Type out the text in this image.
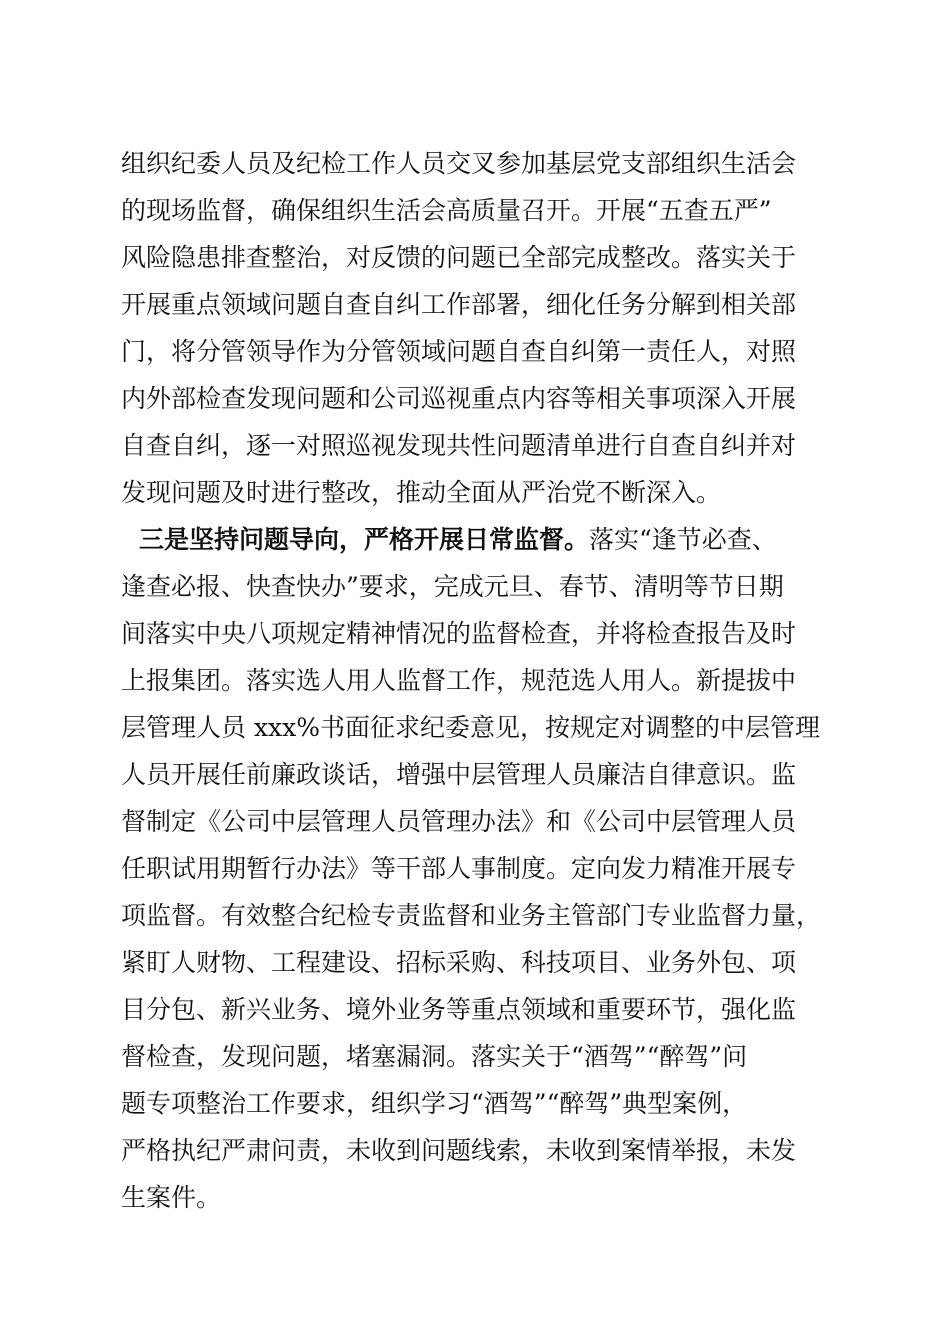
组织纪委人员及纪检工作人员交叉参加基层党支部组织生活会
的现场监督，确保组织生活会高质量召开。开展“五查五严”
风险隐患排查整治，对反馈的问题已全部完成整改。落实关于
开展重点领域问题自查自纠工作部署，细化任务分解到相关部
门，将分管领导作为分管领域问题自查自纠第一责任人，对照
内外部检查发现问题和公司巡视重点内容等相关事项深入开展
自查自纠，逐一对照巡视发现共性问题清单进行自查自纠并对
发现问题及时进行整改，推动全面从严治党不断深入。
三是坚持问题导向，严格开展日常监督。落实“逢节必查、
逢查必报、快查快办”要求，完成元旦、春节、清明等节日期
间落实中央八项规定精神情况的监督检查，并将检查报告及时
上报集团。落实选人用人监督工作，规范选人用人。新提拔中
层管理人员 xxx%书面征求纪委意见，按规定对调整的中层管理
人员开展任前廉政谈话，增强中层管理人员廉洁自律意识。监
督制定《公司中层管理人员管理办法》和《公司中层管理人员
任职试用期暂行办法》等干部人事制度。定向发力精准开展专
项监督。有效整合纪检专责监督和业务主管部门专业监督力量，
紧盯人财物、工程建设、招标采购、科技项目、业务外包、项
目分包、新兴业务、境外业务等重点领域和重要环节，强化监
督检查，发现问题，堵塞漏洞。落实关于“酒驾”“醉驾”问
题专项整治工作要求，组织学习“酒驾”“醉驾”典型案例，
严格执纪严肃问责，未收到问题线索，未收到案情举报，未发
生案件。
